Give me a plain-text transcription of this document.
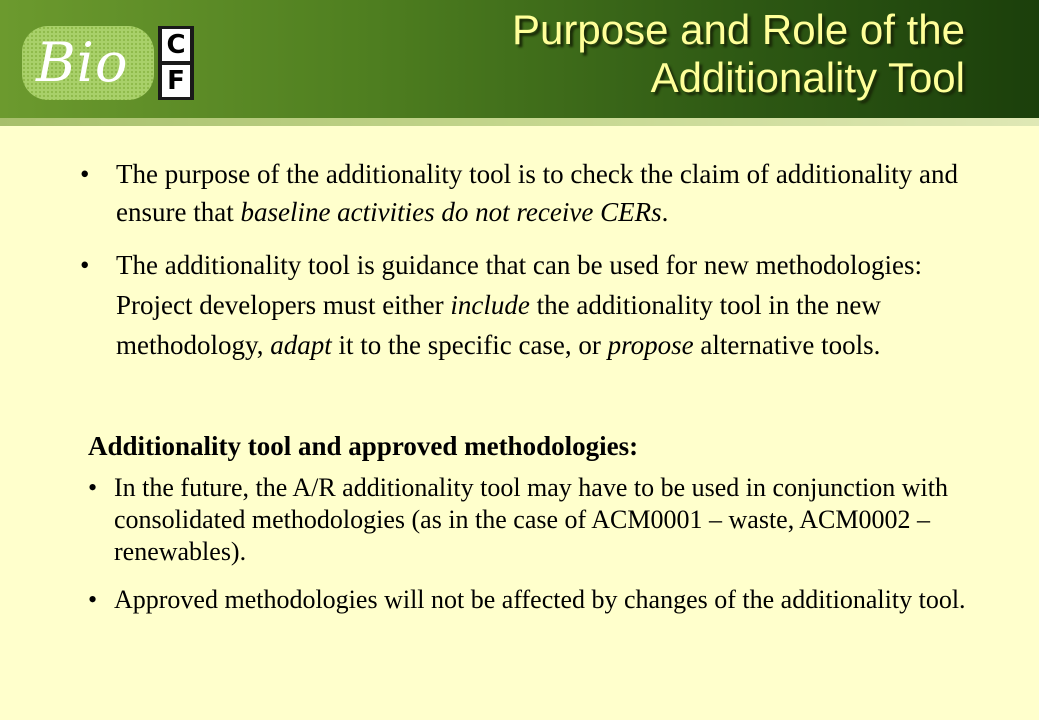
Bio C
F
Purpose and Role of the
Additionality Tool
• The purpose of the additionality tool is to check the claim of additionality and ensure that baseline activities do not receive CERs.
• The additionality tool is guidance that can be used for new methodologies: Project developers must either include the additionality tool in the new methodology, adapt it to the specific case, or propose alternative tools.
Additionality tool and approved methodologies:
• In the future, the A/R additionality tool may have to be used in conjunction with consolidated methodologies (as in the case of ACM0001 – waste, ACM0002 – renewables).
• Approved methodologies will not be affected by changes of the additionality tool.
